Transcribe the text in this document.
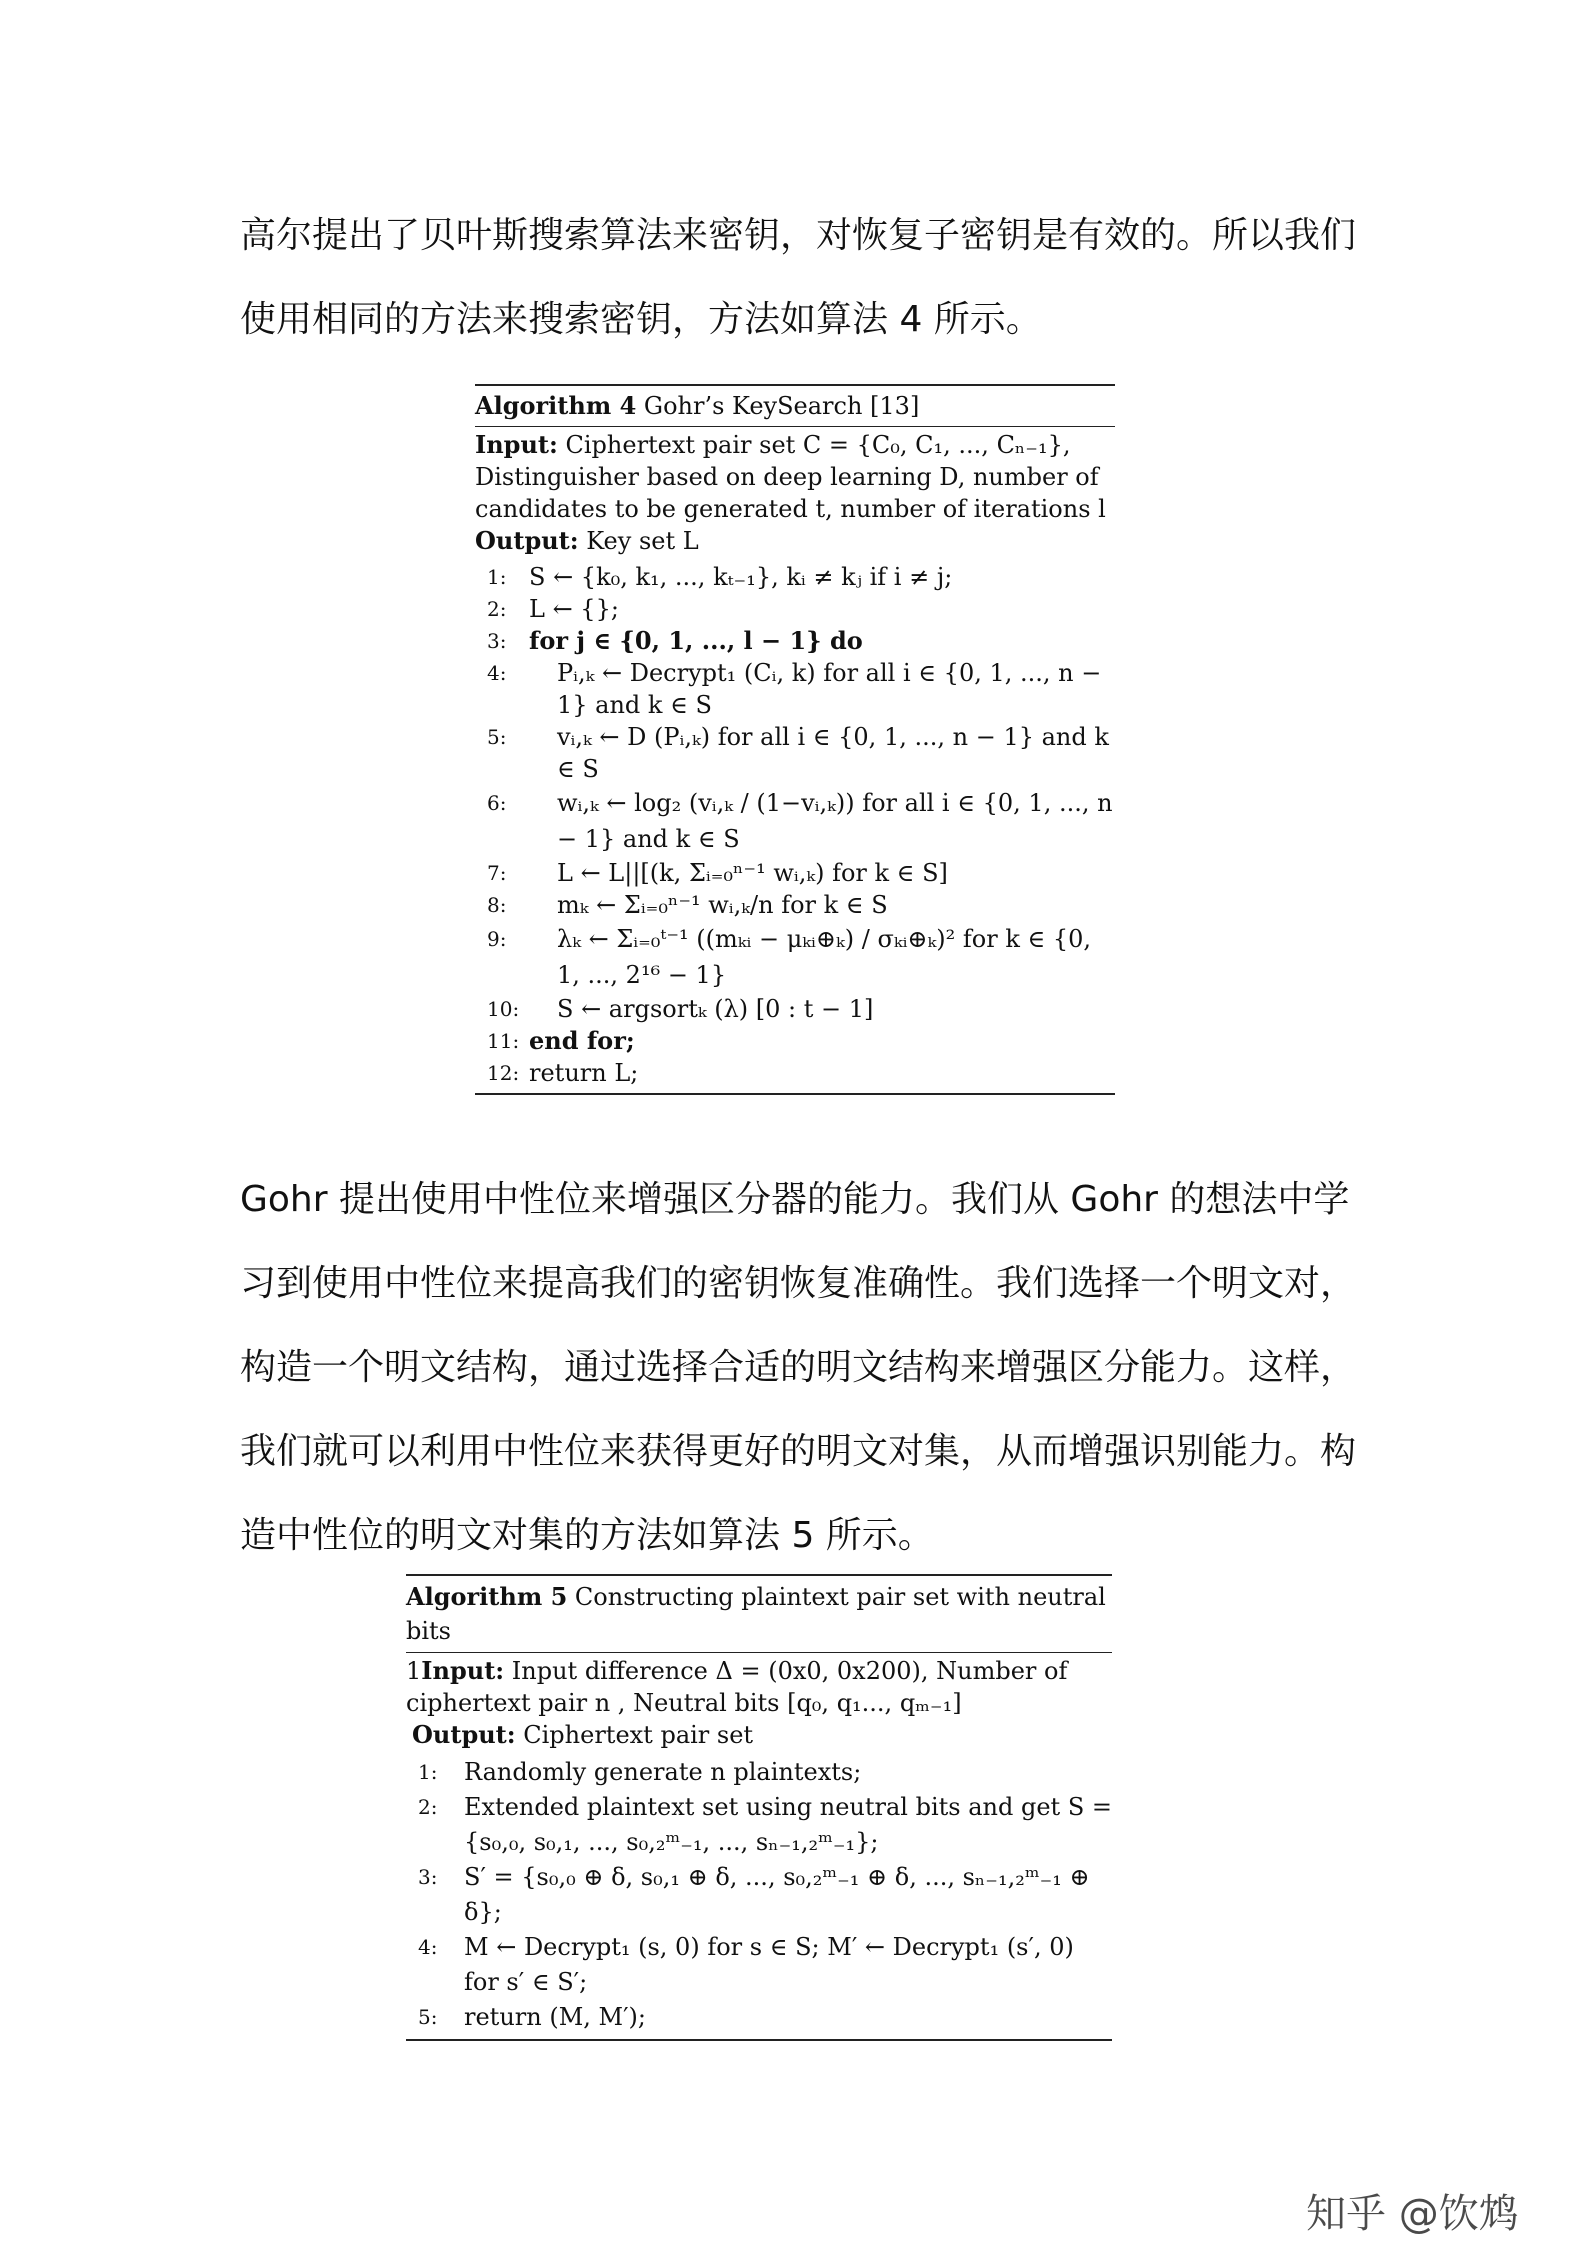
高尔提出了贝叶斯搜索算法来密钥，对恢复子密钥是有效的。所以我们使用相同的方法来搜索密钥，方法如算法 4 所示。

Algorithm 4 Gohr’s KeySearch [13]
Input: Ciphertext pair set C = {C₀, C₁, ..., Cₙ₋₁}, Distinguisher based on deep learning D, number of candidates to be generated t, number of iterations l
Output: Key set L
1: S ← {k₀, k₁, ..., kₜ₋₁}, kᵢ ≠ kⱼ if i ≠ j;
2: L ← {};
3: for j ∈ {0, 1, ..., l − 1} do
4:	Pᵢ,ₖ ← Decrypt₁ (Cᵢ, k) for all i ∈ {0, 1, ..., n − 1} and k ∈ S
5:	vᵢ,ₖ ← D (Pᵢ,ₖ) for all i ∈ {0, 1, ..., n − 1} and k ∈ S
6:	wᵢ,ₖ ← log₂ (vᵢ,ₖ / (1−vᵢ,ₖ)) for all i ∈ {0, 1, ..., n − 1} and k ∈ S
7:	L ← L||[(k, Σᵢ₌₀ⁿ⁻¹ wᵢ,ₖ) for k ∈ S]
8:	mₖ ← Σᵢ₌₀ⁿ⁻¹ wᵢ,ₖ/n for k ∈ S
9:	λₖ ← Σᵢ₌₀ᵗ⁻¹ ((mₖᵢ − μₖᵢ⊕ₖ) / σₖᵢ⊕ₖ)² for k ∈ {0, 1, ..., 2¹⁶ − 1}
10:	S ← argsortₖ (λ) [0 : t − 1]
11: end for;
12: return L;

Gohr 提出使用中性位来增强区分器的能力。我们从 Gohr 的想法中学习到使用中性位来提高我们的密钥恢复准确性。我们选择一个明文对，构造一个明文结构，通过选择合适的明文结构来增强区分能力。这样，我们就可以利用中性位来获得更好的明文对集，从而增强识别能力。构造中性位的明文对集的方法如算法 5 所示。

Algorithm 5 Constructing plaintext pair set with neutral bits
1Input: Input difference Δ = (0x0, 0x200), Number of ciphertext pair n , Neutral bits [q₀, q₁..., qₘ₋₁]
Output: Ciphertext pair set
1:	Randomly generate n plaintexts;
2:	Extended plaintext set using neutral bits and get S = {s₀,₀, s₀,₁, ..., s₀,₂ᵐ₋₁, ..., sₙ₋₁,₂ᵐ₋₁};
3:	S′ = {s₀,₀ ⊕ δ, s₀,₁ ⊕ δ, ..., s₀,₂ᵐ₋₁ ⊕ δ, ..., sₙ₋₁,₂ᵐ₋₁ ⊕ δ};
4:	M ← Decrypt₁ (s, 0) for s ∈ S; M′ ← Decrypt₁ (s′, 0) for s′ ∈ S′;
5:	return (M, M′);
知乎 @饮鸩
